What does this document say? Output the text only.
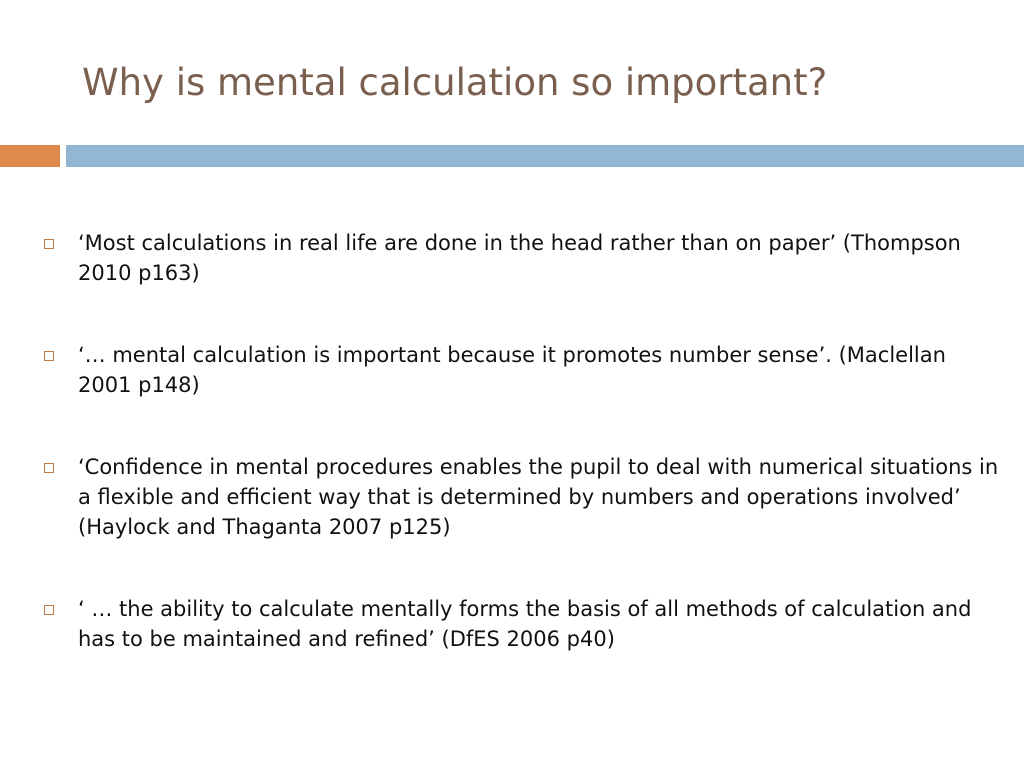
Why is mental calculation so important?
‘Most calculations in real life are done in the head rather than on paper’ (Thompson 2010 p163)
‘… mental calculation is important because it promotes number sense’. (Maclellan 2001 p148)
‘Confidence in mental procedures enables the pupil to deal with numerical situations in a flexible and efficient way that is determined by numbers and operations involved’ (Haylock and Thaganta 2007 p125)
‘ … the ability to calculate mentally forms the basis of all methods of calculation and has to be maintained and refined’ (DfES 2006 p40)
